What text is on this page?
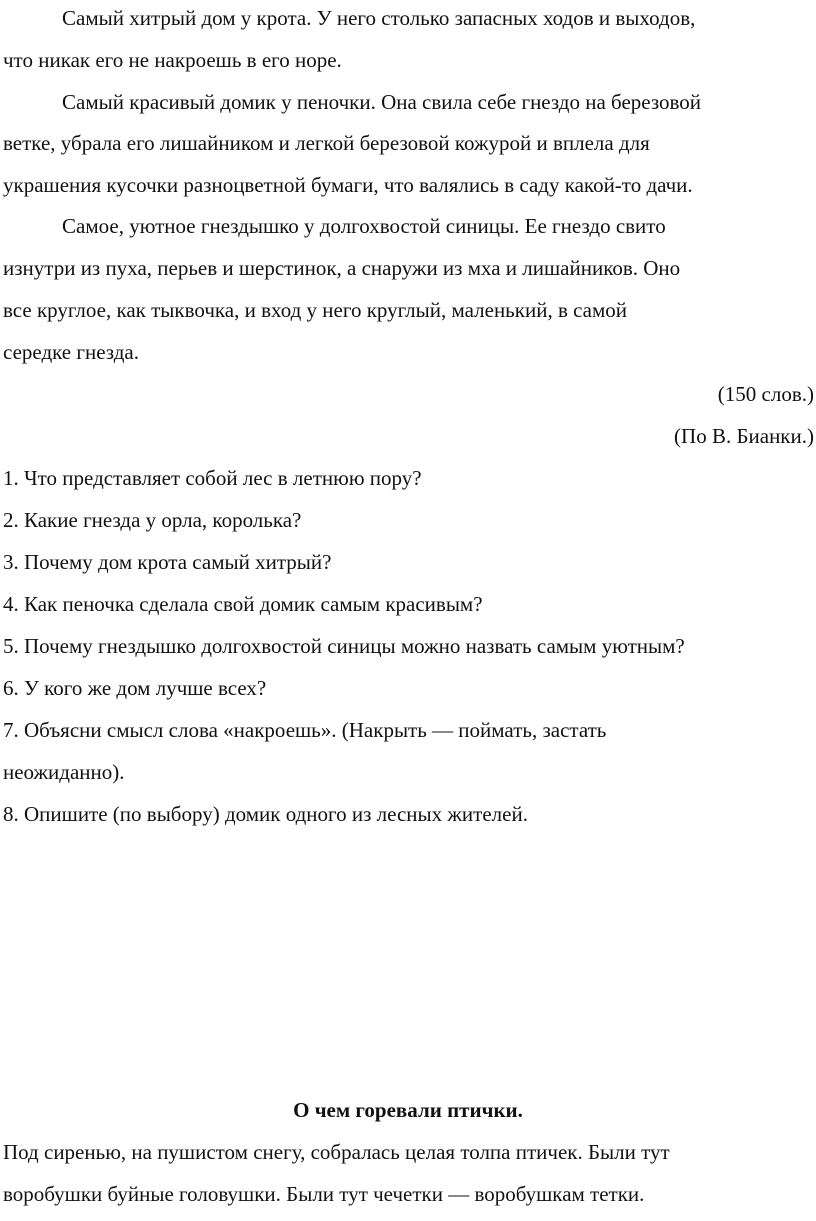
Самый хитрый дом у крота. У него столько запасных ходов и выходов,
что никак его не накроешь в его норе.
Самый красивый домик у пеночки. Она свила себе гнездо на березовой
ветке, убрала его лишайником и легкой березовой кожурой и вплела для
украшения кусочки разноцветной бумаги, что валялись в саду какой-то дачи.
Самое, уютное гнездышко у долгохвостой синицы. Ее гнездо свито
изнутри из пуха, перьев и шерстинок, а снаружи из мха и лишайников. Оно
все круглое, как тыквочка, и вход у него круглый, маленький, в самой
середке гнезда.
(150 слов.)
(По В. Бианки.)
1. Что представляет собой лес в летнюю пору?
2. Какие гнезда у орла, королька?
3. Почему дом крота самый хитрый?
4. Как пеночка сделала свой домик самым красивым?
5. Почему гнездышко долгохвостой синицы можно назвать самым уютным?
6. У кого же дом лучше всех?
7. Объясни смысл слова «накроешь». (Накрыть — поймать, застать
неожиданно).
8. Опишите (по выбору) домик одного из лесных жителей.
О чем горевали птички.
Под сиренью, на пушистом снегу, собралась целая толпа птичек. Были тут
воробушки буйные головушки. Были тут чечетки — воробушкам тетки.
